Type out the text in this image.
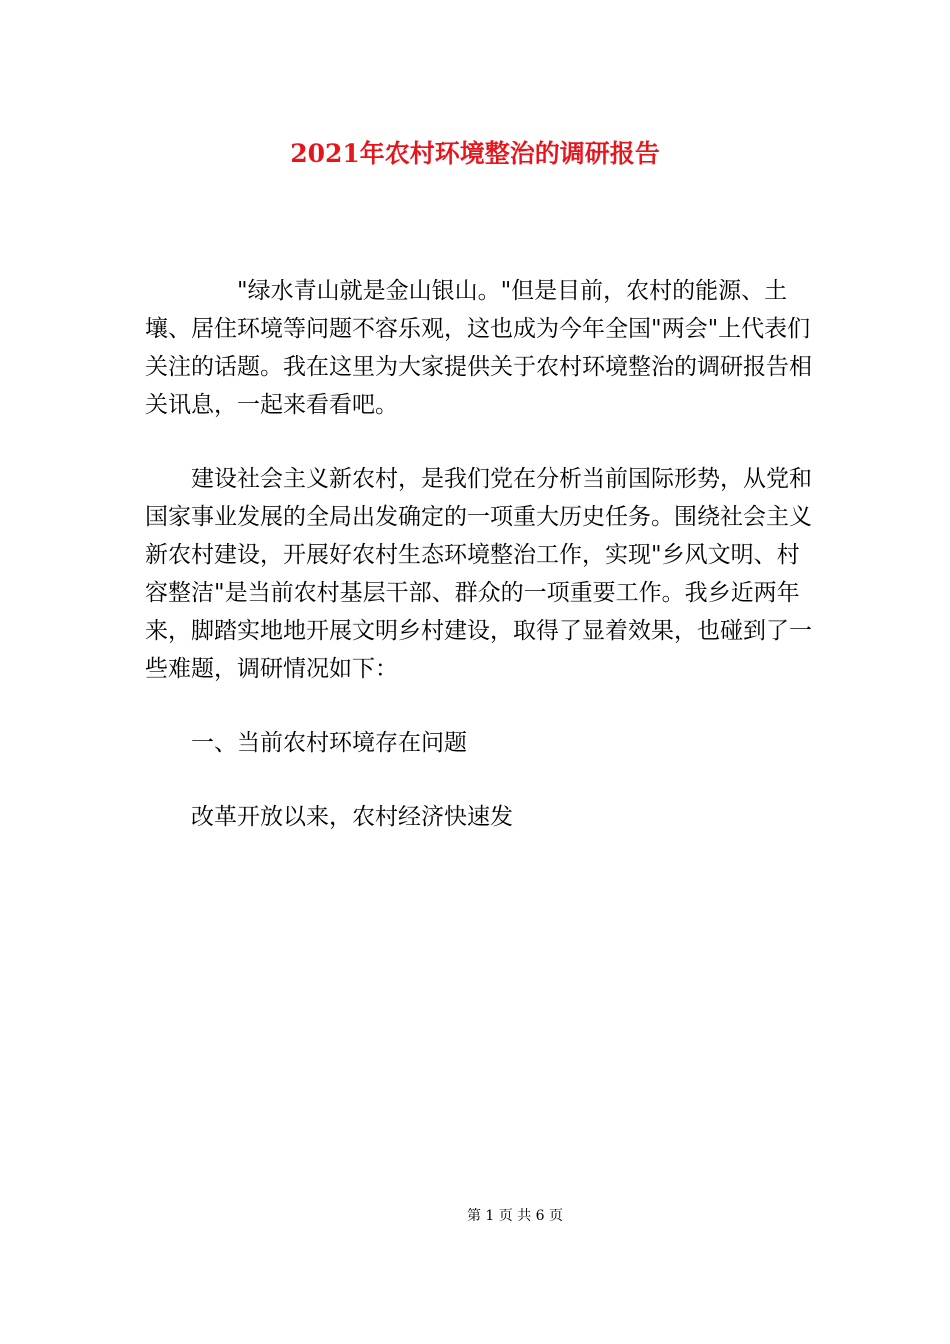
2021年农村环境整治的调研报告

"绿水青山就是金山银山。"但是目前，农村的能源、土壤、居住环境等问题不容乐观，这也成为今年全国"两会"上代表们关注的话题。我在这里为大家提供关于农村环境整治的调研报告相关讯息，一起来看看吧。

建设社会主义新农村，是我们党在分析当前国际形势，从党和国家事业发展的全局出发确定的一项重大历史任务。围绕社会主义新农村建设，开展好农村生态环境整治工作，实现"乡风文明、村容整洁"是当前农村基层干部、群众的一项重要工作。我乡近两年来，脚踏实地地开展文明乡村建设，取得了显着效果，也碰到了一些难题，调研情况如下：

一、当前农村环境存在问题

改革开放以来，农村经济快速发

第 1 页 共 6 页
